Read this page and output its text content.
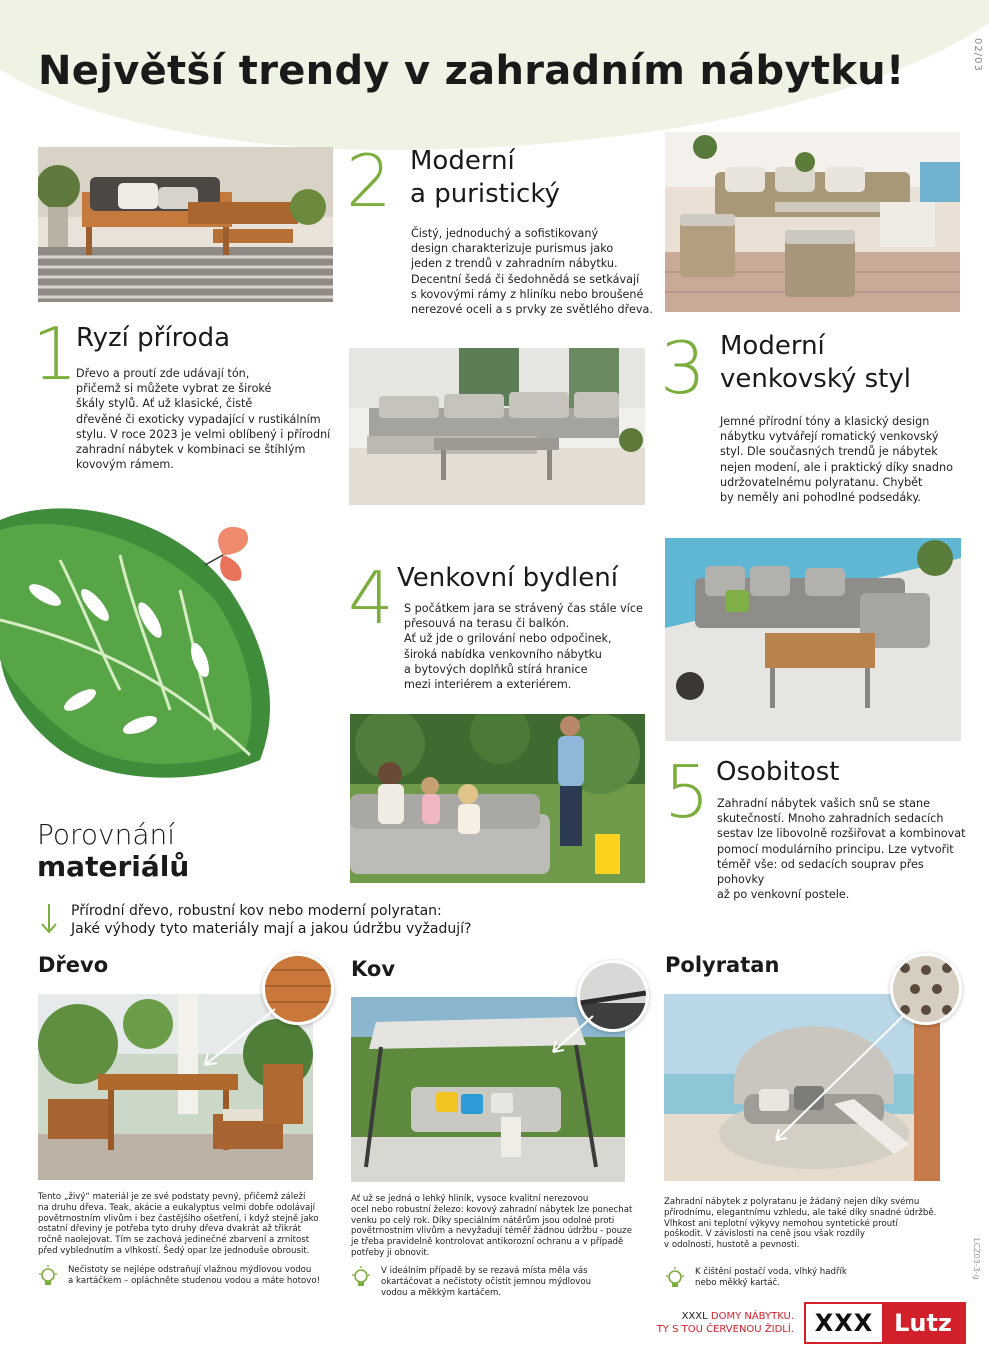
02/03
LCZ03-3-g
Největší trendy v zahradním nábytku!
1
Ryzí příroda
Dřevo a proutí zde udávají tón,
přičemž si můžete vybrat ze široké
škály stylů. Ať už klasické, čistě
dřevěné či exoticky vypadající v rustikálním
stylu. V roce 2023 je velmi oblíbený i přírodní
zahradní nábytek v kombinaci se štíhlým
kovovým rámem.
2 Moderní
a puristický
Čistý, jednoduchý a sofistikovaný
design charakterizuje purismus jako
jeden z trendů v zahradním nábytku.
Decentní šedá či šedohnědá se setkávají
s kovovými rámy z hliníku nebo broušené
nerezové oceli a s prvky ze světlého dřeva.
3 Moderní
venkovský styl
Jemné přírodní tóny a klasický design
nábytku vytvářejí romatický venkovský
styl. Dle současných trendů je nábytek
nejen modení, ale i praktický díky snadno
udržovatelnému polyratanu. Chybět
by neměly ani pohodlné podsedáky.
4 Venkovní bydlení
S počátkem jara se strávený čas stále více
přesouvá na terasu či balkón.
Ať už jde o grilování nebo odpočinek,
široká nabídka venkovního nábytku
a bytových doplňků stírá hranice
mezi interiérem a exteriérem.
5 Osobitost
Zahradní nábytek vašich snů se stane
skutečností. Mnoho zahradních sedacích
sestav lze libovolně rozšiřovat a kombinovat
pomocí modulárního principu. Lze vytvořit
téměř vše: od sedacích souprav přes pohovky
až po venkovní postele.
Porovnání
materiálů
Přírodní dřevo, robustní kov nebo moderní polyratan:
Jaké výhody tyto materiály mají a jakou údržbu vyžadují?
Dřevo
Tento „živý“ materiál je ze své podstaty pevný, přičemž záleží
na druhu dřeva. Teak, akácie a eukalyptus velmi dobře odolávají
povětrnostním vlivům i bez častějšího ošetření, i když stejně jako
ostatní dřeviny je potřeba tyto druhy dřeva dvakrát až třikrát
ročně naolejovat. Tím se zachová jedinečné zbarvení a zrnitost
před vyblednutím a vlhkostí. Šedý opar lze jednoduše obrousit.
Nečistoty se nejlépe odstraňují vlažnou mýdlovou vodou
a kartáčkem – opláchněte studenou vodou a máte hotovo!
Kov
Ať už se jedná o lehký hliník, vysoce kvalitní nerezovou
ocel nebo robustní železo: kovový zahradní nábytek lze ponechat
venku po celý rok. Díky speciálním nátěrům jsou odolné proti
povětrnostním vlivům a nevyžadují téměř žádnou údržbu - pouze
je třeba pravidelně kontrolovat antikorozní ochranu a v případě
potřeby ji obnovit.
V ideálním případě by se rezavá místa měla vás
okartáčovat a nečistoty očistit jemnou mýdlovou
vodou a měkkým kartáčem.
Polyratan
Zahradní nábytek z polyratanu je žádaný nejen díky svému
přírodnímu, elegantnímu vzhledu, ale také díky snadné údržbě.
Vlhkost ani teplotní výkyvy nemohou syntetické proutí
poškodit. V závislosti na ceně jsou však rozdíly
v odolnosti, hustotě a pevnosti.
K čištění postačí voda, vlhký hadřík
nebo měkký kartáč.
XXXL DOMY NÁBYTKU.
TY S TOU ČERVENOU ŽIDLÍ. XXX Lutz
